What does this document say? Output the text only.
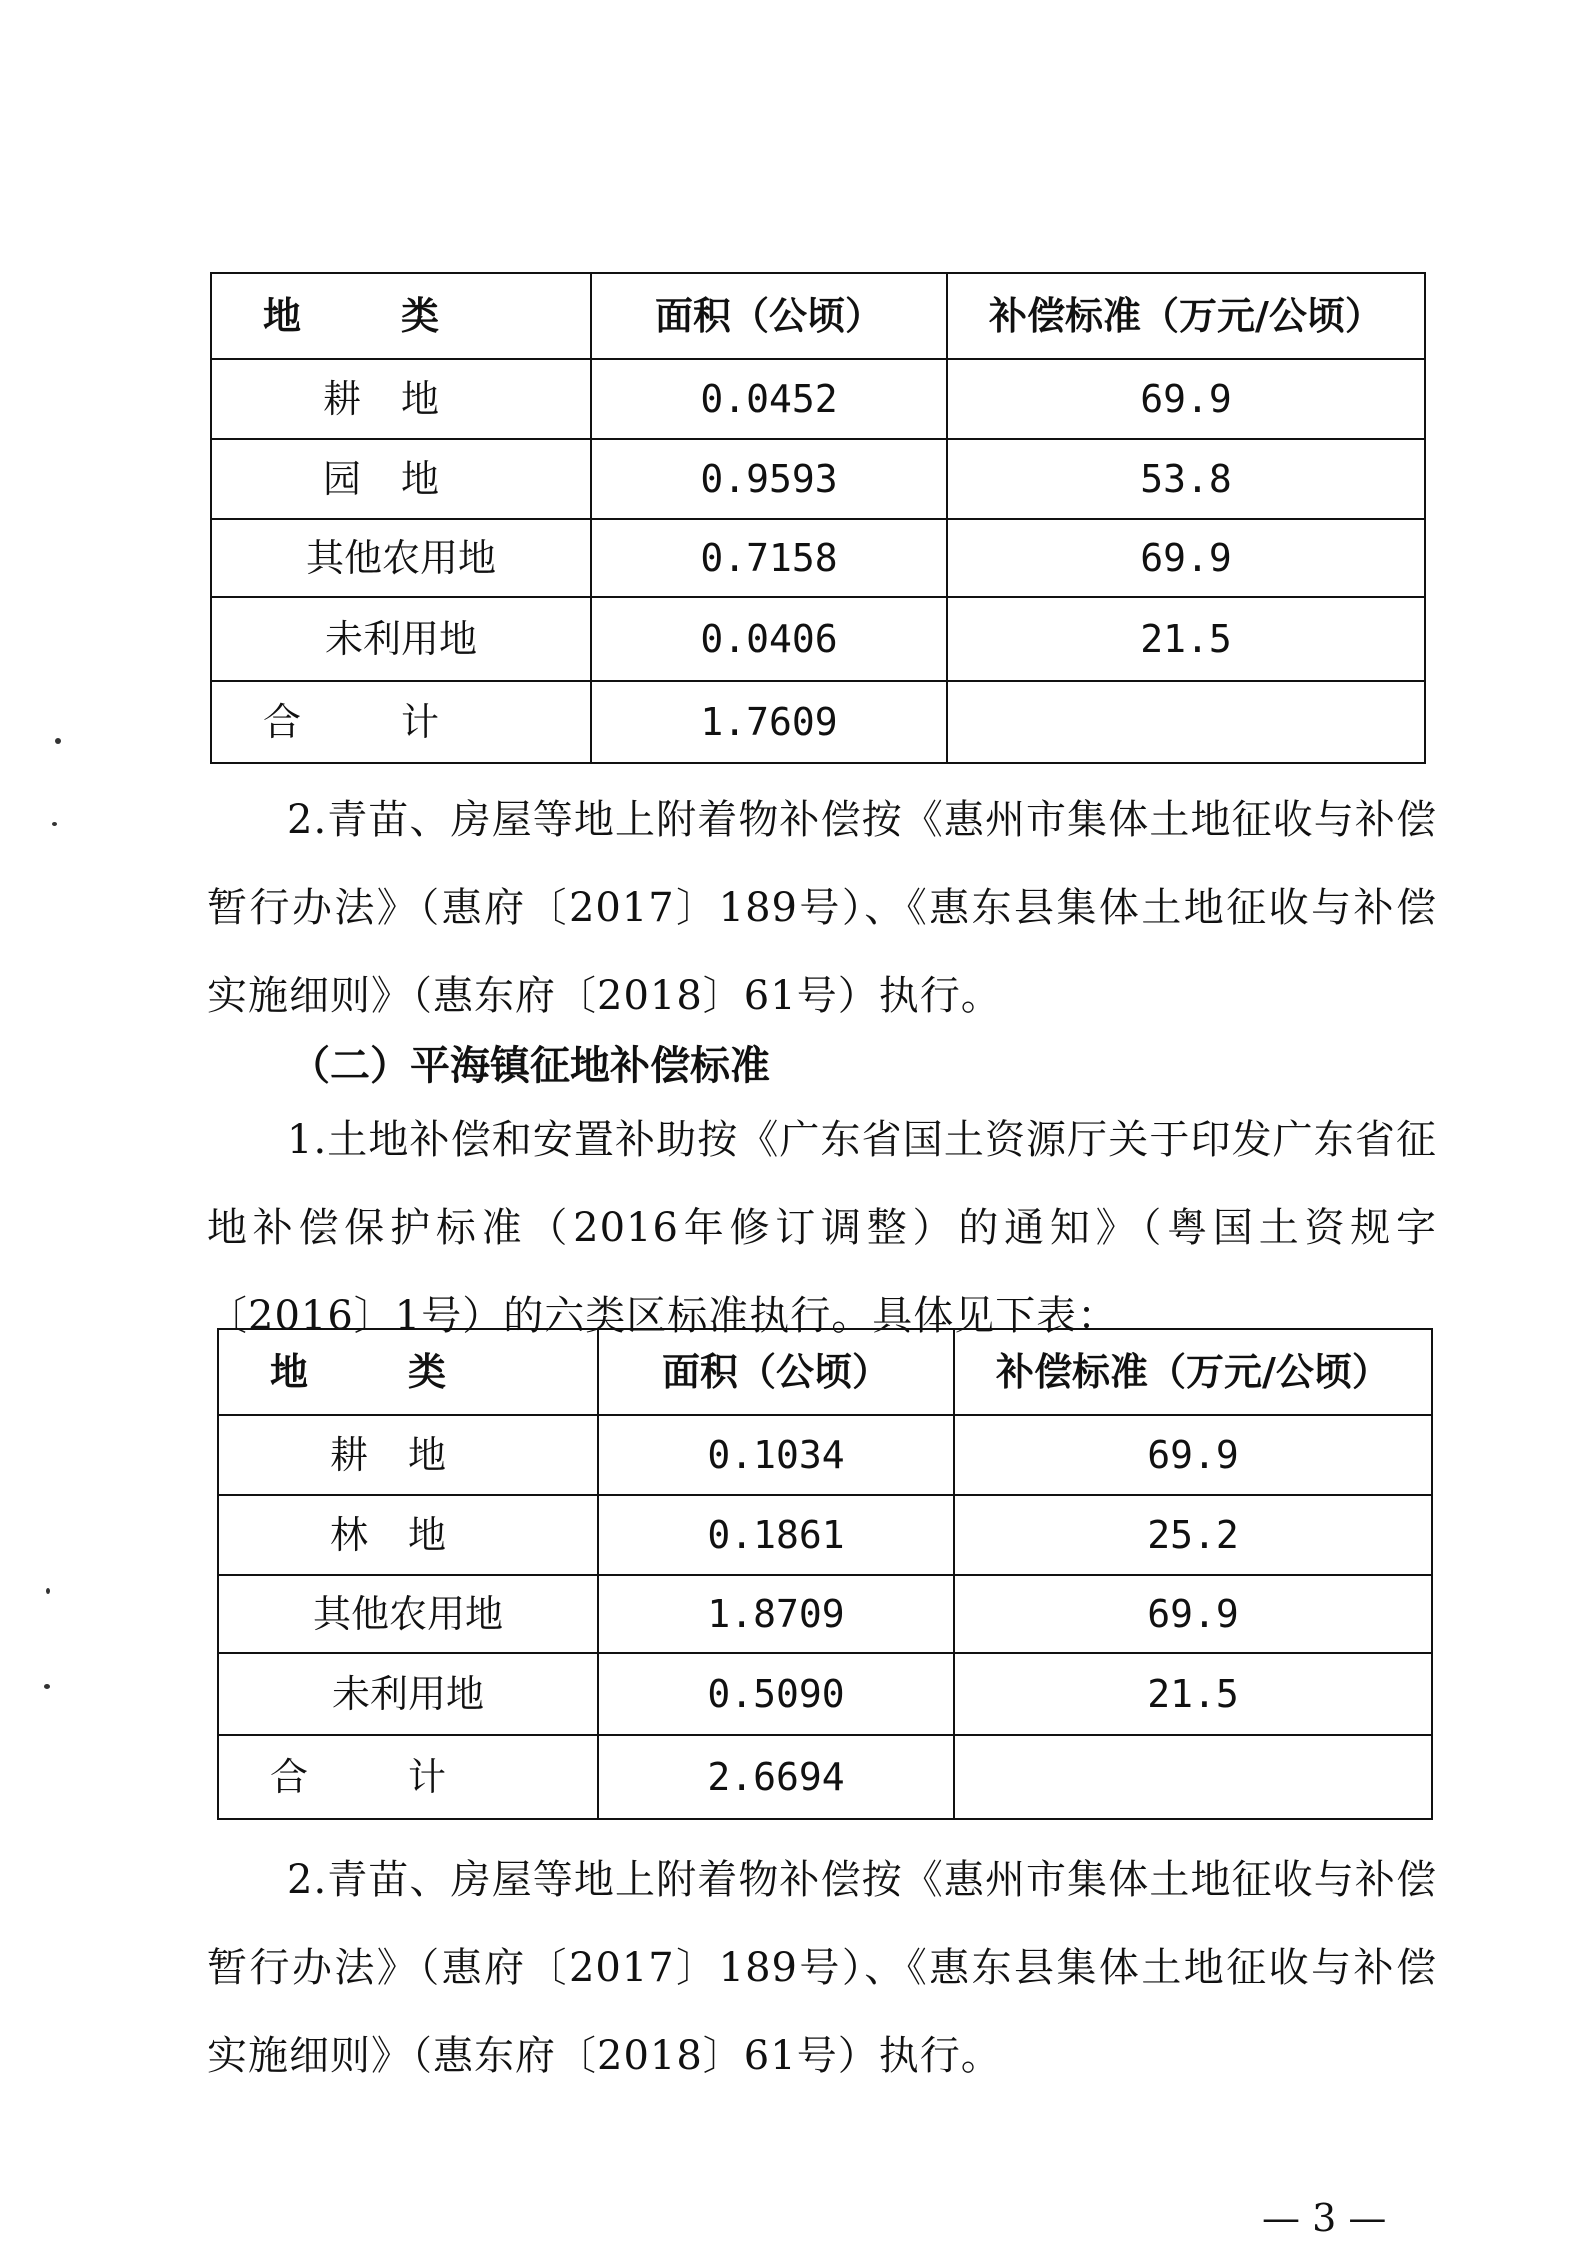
地类	面积（公顷）	补偿标准（万元/公顷）
耕地	0.0452	69.9
园地	0.9593	53.8
其他农用地	0.7158	69.9
未利用地	0.0406	21.5
合计	1.7609	

2.青苗、房屋等地上附着物补偿按《惠州市集体土地征收与补偿暂行办法》（惠府〔2017〕189号）、《惠东县集体土地征收与补偿实施细则》（惠东府〔2018〕61号）执行。

（二）平海镇征地补偿标准

1.土地补偿和安置补助按《广东省国土资源厅关于印发广东省征地补偿保护标准（2016年修订调整）的通知》（粤国土资规字〔2016〕1号）的六类区标准执行。具体见下表：

地类	面积（公顷）	补偿标准（万元/公顷）
耕地	0.1034	69.9
林地	0.1861	25.2
其他农用地	1.8709	69.9
未利用地	0.5090	21.5
合计	2.6694	

2.青苗、房屋等地上附着物补偿按《惠州市集体土地征收与补偿暂行办法》（惠府〔2017〕189号）、《惠东县集体土地征收与补偿实施细则》（惠东府〔2018〕61号）执行。

— 3 —
